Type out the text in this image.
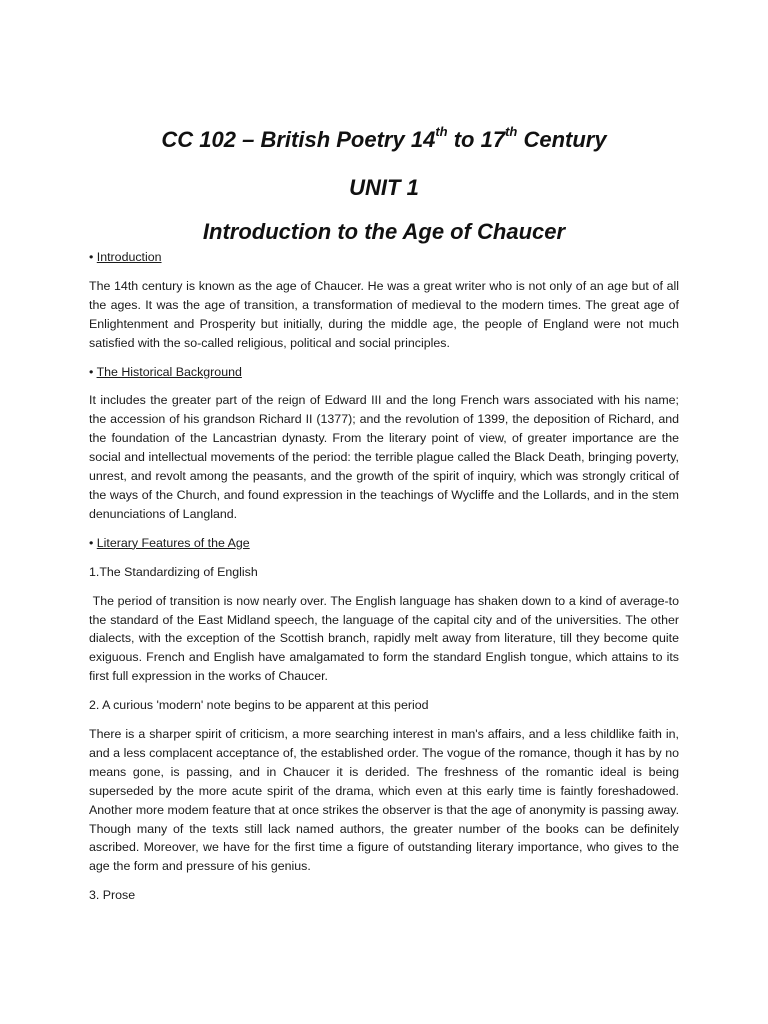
CC 102 – British Poetry 14th to 17th Century
UNIT 1
Introduction to the Age of Chaucer

• Introduction

The 14th century is known as the age of Chaucer. He was a great writer who is not only of an age but of all the ages. It was the age of transition, a transformation of medieval to the modern times. The great age of Enlightenment and Prosperity but initially, during the middle age, the people of England were not much satisfied with the so-called religious, political and social principles.

• The Historical Background

It includes the greater part of the reign of Edward III and the long French wars associated with his name; the accession of his grandson Richard II (1377); and the revolution of 1399, the deposition of Richard, and the foundation of the Lancastrian dynasty. From the literary point of view, of greater importance are the social and intellectual movements of the period: the terrible plague called the Black Death, bringing poverty, unrest, and revolt among the peasants, and the growth of the spirit of inquiry, which was strongly critical of the ways of the Church, and found expression in the teachings of Wycliffe and the Lollards, and in the stem denunciations of Langland.

• Literary Features of the Age

1.The Standardizing of English

The period of transition is now nearly over. The English language has shaken down to a kind of average-to the standard of the East Midland speech, the language of the capital city and of the universities. The other dialects, with the exception of the Scottish branch, rapidly melt away from literature, till they become quite exiguous. French and English have amalgamated to form the standard English tongue, which attains to its first full expression in the works of Chaucer.

2. A curious 'modern' note begins to be apparent at this period

There is a sharper spirit of criticism, a more searching interest in man's affairs, and a less childlike faith in, and a less complacent acceptance of, the established order. The vogue of the romance, though it has by no means gone, is passing, and in Chaucer it is derided. The freshness of the romantic ideal is being superseded by the more acute spirit of the drama, which even at this early time is faintly foreshadowed. Another more modem feature that at once strikes the observer is that the age of anonymity is passing away. Though many of the texts still lack named authors, the greater number of the books can be definitely ascribed. Moreover, we have for the first time a figure of outstanding literary importance, who gives to the age the form and pressure of his genius.

3. Prose
